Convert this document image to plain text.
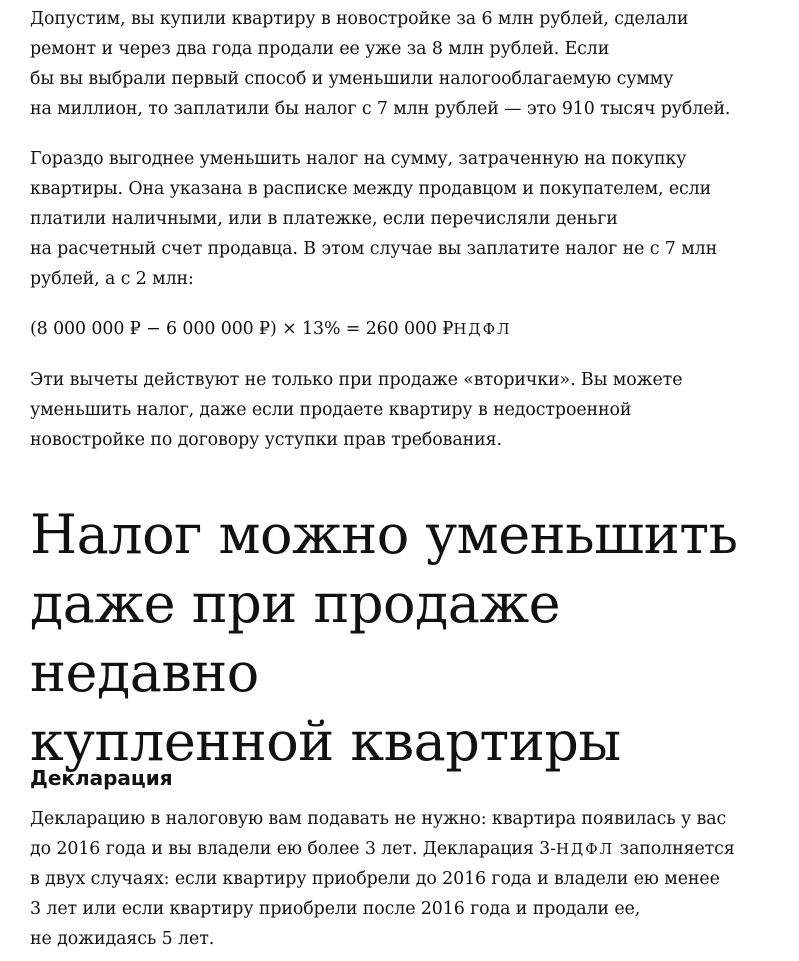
Допустим, вы купили квартиру в новостройке за 6 млн рублей, сделали
ремонт и через два года продали ее уже за 8 млн рублей. Если
бы вы выбрали первый способ и уменьшили налогооблагаемую сумму
на миллион, то заплатили бы налог с 7 млн рублей — это 910 тысяч рублей.

Гораздо выгоднее уменьшить налог на сумму, затраченную на покупку
квартиры. Она указана в расписке между продавцом и покупателем, если
платили наличными, или в платежке, если перечисляли деньги
на расчетный счет продавца. В этом случае вы заплатите налог не с 7 млн
рублей, а с 2 млн:

(8 000 000 ₽ − 6 000 000 ₽) × 13% = 260 000 ₽НДФЛ

Эти вычеты действуют не только при продаже «вторички». Вы можете
уменьшить налог, даже если продаете квартиру в недостроенной
новостройке по договору уступки прав требования.

Налог можно уменьшить
даже при продаже недавно
купленной квартиры
Декларация

Декларацию в налоговую вам подавать не нужно: квартира появилась у вас
до 2016 года и вы владели ею более 3 лет. Декларация 3-НДФЛ заполняется
в двух случаях: если квартиру приобрели до 2016 года и владели ею менее
3 лет или если квартиру приобрели после 2016 года и продали ее,
не дожидаясь 5 лет.
